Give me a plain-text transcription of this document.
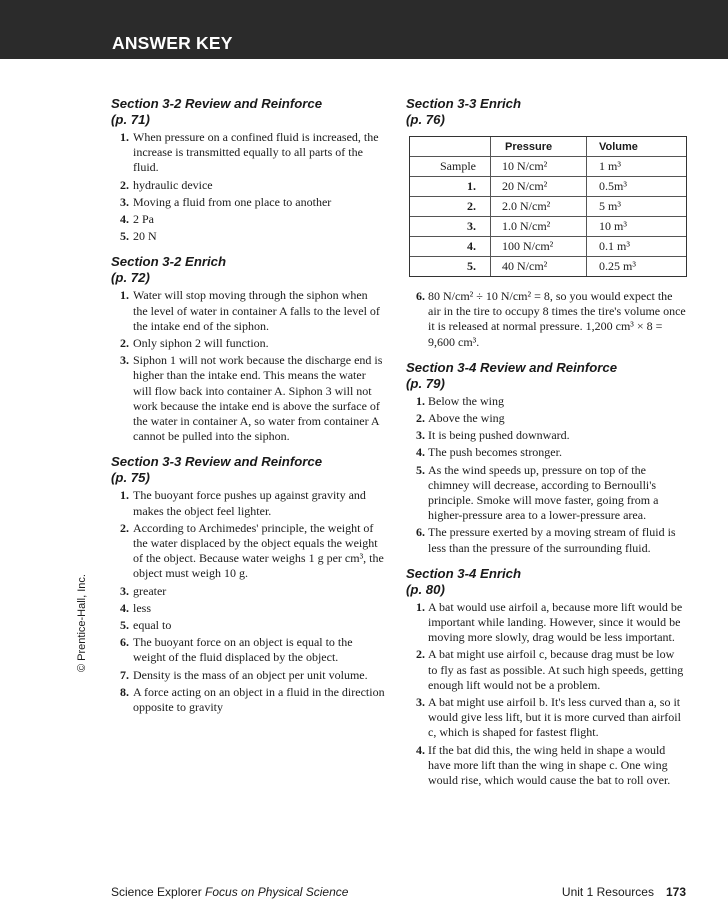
ANSWER KEY
© Prentice-Hall, Inc.
Section 3-2 Review and Reinforce
(p. 71)
1. When pressure on a confined fluid is increased, the increase is transmitted equally to all parts of the fluid.
2. hydraulic device
3. Moving a fluid from one place to another
4. 2 Pa
5. 20 N
Section 3-2 Enrich
(p. 72)
1. Water will stop moving through the siphon when the level of water in container A falls to the level of the intake end of the siphon.
2. Only siphon 2 will function.
3. Siphon 1 will not work because the discharge end is higher than the intake end. This means the water will flow back into container A. Siphon 3 will not work because the intake end is above the surface of the water in container A, so water from container A cannot be pulled into the siphon.
Section 3-3 Review and Reinforce
(p. 75)
1. The buoyant force pushes up against gravity and makes the object feel lighter.
2. According to Archimedes' principle, the weight of the water displaced by the object equals the weight of the object. Because water weighs 1 g per cm³, the object must weigh 10 g.
3. greater
4. less
5. equal to
6. The buoyant force on an object is equal to the weight of the fluid displaced by the object.
7. Density is the mass of an object per unit volume.
8. A force acting on an object in a fluid in the direction opposite to gravity
Section 3-3 Enrich
(p. 76)
	Pressure	Volume
Sample	10 N/cm²	1 m³
1.	20 N/cm²	0.5m³
2.	2.0 N/cm²	5 m³
3.	1.0 N/cm²	10 m³
4.	100 N/cm²	0.1 m³
5.	40 N/cm²	0.25 m³
6. 80 N/cm² ÷ 10 N/cm² = 8, so you would expect the air in the tire to occupy 8 times the tire's volume once it is released at normal pressure. 1,200 cm³ × 8 = 9,600 cm³.
Section 3-4 Review and Reinforce
(p. 79)
1. Below the wing
2. Above the wing
3. It is being pushed downward.
4. The push becomes stronger.
5. As the wind speeds up, pressure on top of the chimney will decrease, according to Bernoulli's principle. Smoke will move faster, going from a higher-pressure area to a lower-pressure area.
6. The pressure exerted by a moving stream of fluid is less than the pressure of the surrounding fluid.
Section 3-4 Enrich
(p. 80)
1. A bat would use airfoil a, because more lift would be important while landing. However, since it would be moving more slowly, drag would be less important.
2. A bat might use airfoil c, because drag must be low to fly as fast as possible. At such high speeds, getting enough lift would not be a problem.
3. A bat might use airfoil b. It's less curved than a, so it would give less lift, but it is more curved than airfoil c, which is shaped for fastest flight.
4. If the bat did this, the wing held in shape a would have more lift than the wing in shape c. One wing would rise, which would cause the bat to roll over.
Science Explorer Focus on Physical Science	Unit 1 Resources 173
